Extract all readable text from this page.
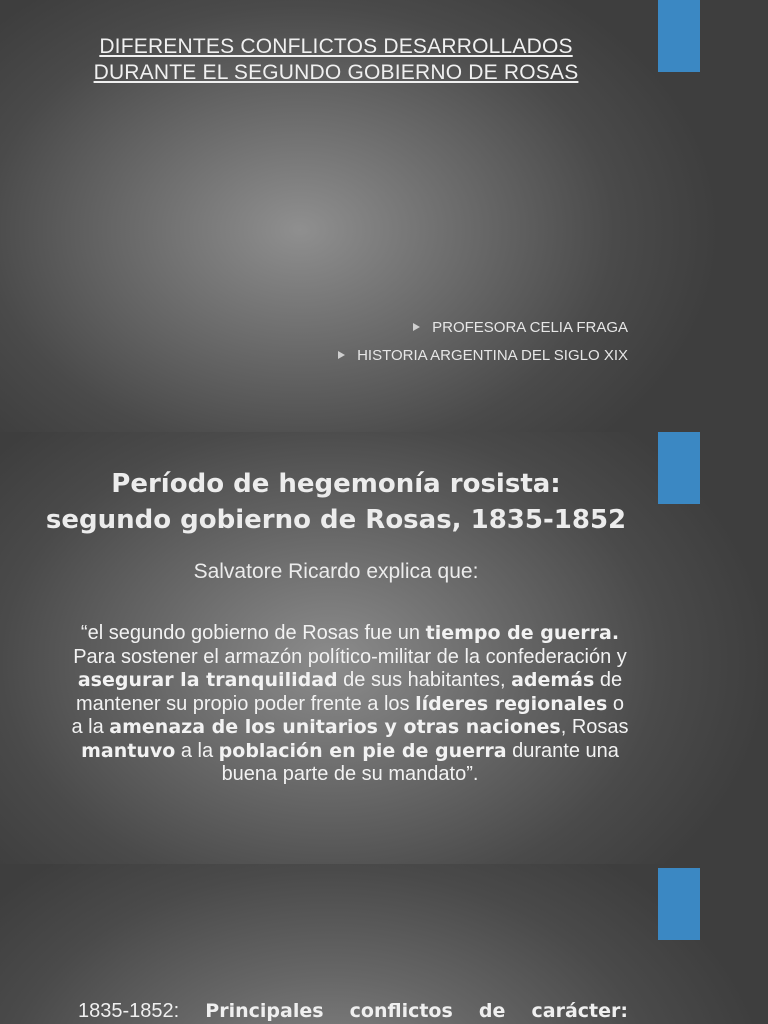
DIFERENTES CONFLICTOS DESARROLLADOS
DURANTE EL SEGUNDO GOBIERNO DE ROSAS
PROFESORA CELIA FRAGA
HISTORIA ARGENTINA DEL SIGLO XIX
Período de hegemonía rosista:
segundo gobierno de Rosas, 1835-1852
Salvatore Ricardo explica que:
“el segundo gobierno de Rosas fue un tiempo de guerra. Para sostener el armazón político-militar de la confederación y asegurar la tranquilidad de sus habitantes, además de mantener su propio poder frente a los líderes regionales o a la amenaza de los unitarios y otras naciones, Rosas mantuvo a la población en pie de guerra durante una buena parte de su mandato”.
1835-1852: Principales conflictos de carácter:
